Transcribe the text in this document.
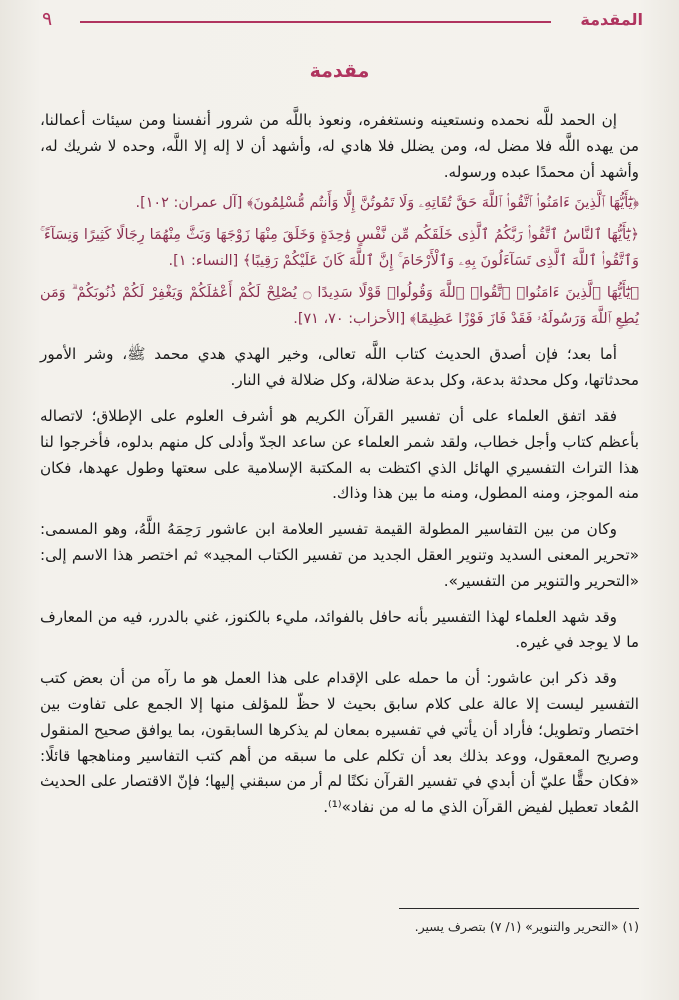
المقدمة
٩
مقدمة

إن الحمد للَّه نحمده ونستعينه ونستغفره، ونعوذ باللَّه من شرور أنفسنا ومن سيئات أعمالنا، من يهده اللَّه فلا مضل له، ومن يضلل فلا هادي له، وأشهد أن لا إله إلا اللَّه، وحده لا شريك له، وأشهد أن محمدًا عبده ورسوله.

﴿يَٰٓأَيُّهَا ٱلَّذِينَ ءَامَنُوا۟ ٱتَّقُوا۟ ٱللَّهَ حَقَّ تُقَاتِهِۦ وَلَا تَمُوتُنَّ إِلَّا وَأَنتُم مُّسْلِمُونَ﴾ [آل عمران: ١٠٢].

﴿يَٰٓأَيُّهَا ٱلنَّاسُ ٱتَّقُوا۟ رَبَّكُمُ ٱلَّذِى خَلَقَكُم مِّن نَّفْسٍ وَٰحِدَةٍ وَخَلَقَ مِنْهَا زَوْجَهَا وَبَثَّ مِنْهُمَا رِجَالًا كَثِيرًا وَنِسَآءً ۚ وَٱتَّقُوا۟ ٱللَّهَ ٱلَّذِى تَسَآءَلُونَ بِهِۦ وَٱلْأَرْحَامَ ۚ إِنَّ ٱللَّهَ كَانَ عَلَيْكُمْ رَقِيبًا﴾ [النساء: ١].

﴿يَٰٓأَيُّهَا ٱلَّذِينَ ءَامَنُوا۟ ٱتَّقُوا۟ ٱللَّهَ وَقُولُوا۟ قَوْلًا سَدِيدًا ۝ يُصْلِحْ لَكُمْ أَعْمَٰلَكُمْ وَيَغْفِرْ لَكُمْ ذُنُوبَكُمْ ۗ وَمَن يُطِعِ ٱللَّهَ وَرَسُولَهُۥ فَقَدْ فَازَ فَوْزًا عَظِيمًا﴾ [الأحزاب: ٧٠، ٧١].

أما بعد؛ فإن أصدق الحديث كتاب اللَّه تعالى، وخير الهدي هدي محمد ﷺ، وشر الأمور محدثاتها، وكل محدثة بدعة، وكل بدعة ضلالة، وكل ضلالة في النار.

فقد اتفق العلماء على أن تفسير القرآن الكريم هو أشرف العلوم على الإطلاق؛ لاتصاله بأعظم كتاب وأجل خطاب، ولقد شمر العلماء عن ساعد الجدّ وأدلى كل منهم بدلوه، فأخرجوا لنا هذا التراث التفسيري الهائل الذي اكتظت به المكتبة الإسلامية على سعتها وطول عهدها، فكان منه الموجز، ومنه المطول، ومنه ما بين هذا وذاك.

وكان من بين التفاسير المطولة القيمة تفسير العلامة ابن عاشور رَحِمَهُ اللَّهُ، وهو المسمى: «تحرير المعنى السديد وتنوير العقل الجديد من تفسير الكتاب المجيد» ثم اختصر هذا الاسم إلى: «التحرير والتنوير من التفسير».

وقد شهد العلماء لهذا التفسير بأنه حافل بالفوائد، مليء بالكنوز، غني بالدرر، فيه من المعارف ما لا يوجد في غيره.

وقد ذكر ابن عاشور: أن ما حمله على الإقدام على هذا العمل هو ما رآه من أن بعض كتب التفسير ليست إلا عالة على كلام سابق بحيث لا حظّ للمؤلف منها إلا الجمع على تفاوت بين اختصار وتطويل؛ فأراد أن يأتي في تفسيره بمعان لم يذكرها السابقون، بما يوافق صحيح المنقول وصريح المعقول، ووعد بذلك بعد أن تكلم على ما سبقه من أهم كتب التفاسير ومناهجها قائلًا: «فكان حقًّا عليّ أن أبدي في تفسير القرآن نكتًا لم أر من سبقني إليها؛ فإنّ الاقتصار على الحديث المُعاد تعطيل لفيض القرآن الذي ما له من نفاد»⁽¹⁾.

(١) «التحرير والتنوير» (١/ ٧) بتصرف يسير.
